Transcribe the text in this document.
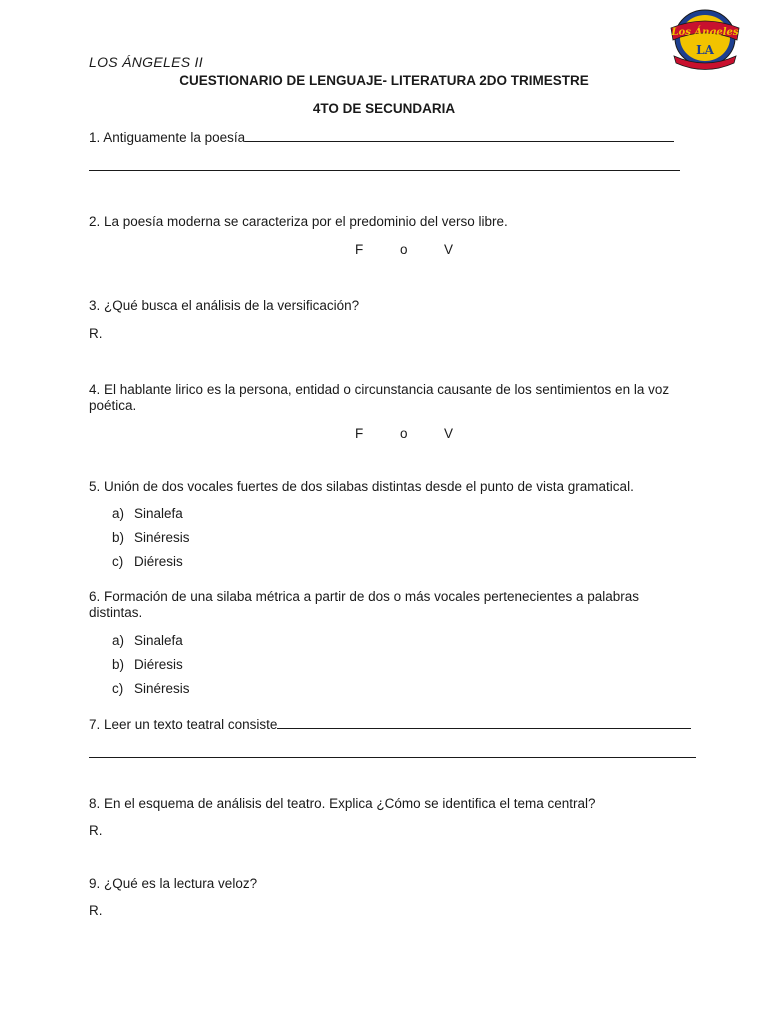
Los Ángeles
LA
LOS ÁNGELES II
CUESTIONARIO DE LENGUAJE- LITERATURA 2DO TRIMESTRE
4TO DE SECUNDARIA
1. Antiguamente la poesía
2. La poesía moderna se caracteriza por el predominio del verso libre.
F	o	V
3. ¿Qué busca el análisis de la versificación?
R.
4. El hablante lirico es la persona, entidad o circunstancia causante de los sentimientos en la voz poética.
F	o	V
5. Unión de dos vocales fuertes de dos silabas distintas desde el punto de vista gramatical.
a) Sinalefa
b) Sinéresis
c) Diéresis
6. Formación de una silaba métrica a partir de dos o más vocales pertenecientes a palabras distintas.
a) Sinalefa
b) Diéresis
c) Sinéresis
7. Leer un texto teatral consiste
8. En el esquema de análisis del teatro. Explica ¿Cómo se identifica el tema central?
R.
9. ¿Qué es la lectura veloz?
R.
